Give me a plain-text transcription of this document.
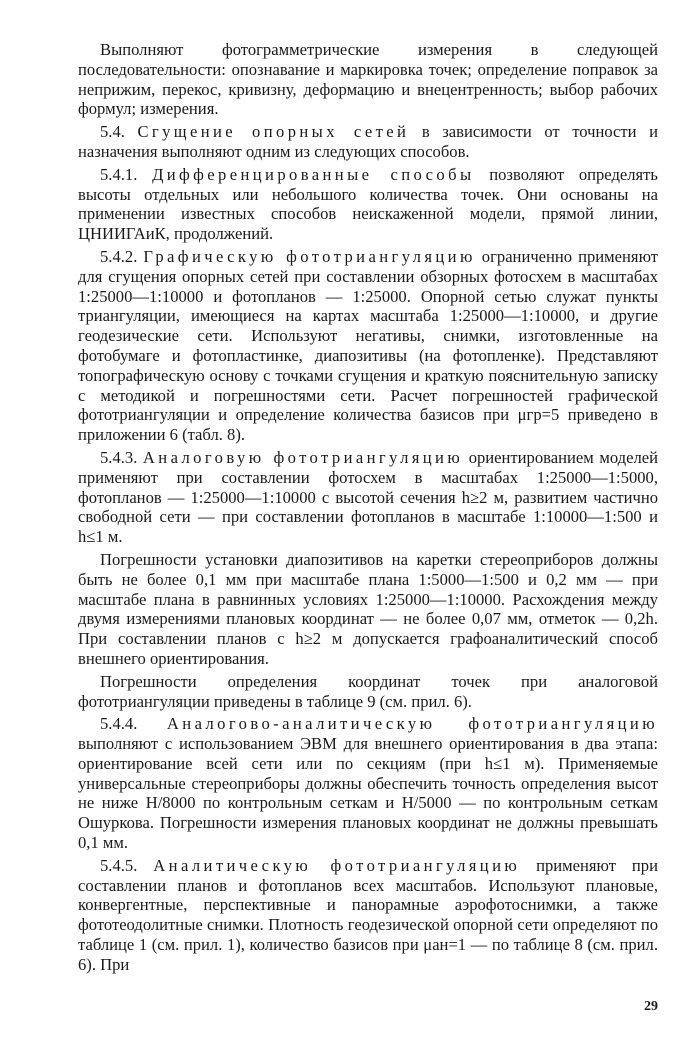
Выполняют фотограмметрические измерения в следующей последовательности: опознавание и маркировка точек; определение поправок за неприжим, перекос, кривизну, деформацию и внецентренность; выбор рабочих формул; измерения.

5.4. Сгущение опорных сетей в зависимости от точности и назначения выполняют одним из следующих способов.

5.4.1. Дифференцированные способы позволяют определять высоты отдельных или небольшого количества точек. Они основаны на применении известных способов неискаженной модели, прямой линии, ЦНИИГАиК, продолжений.

5.4.2. Графическую фототриангуляцию ограниченно применяют для сгущения опорных сетей при составлении обзорных фотосхем в масштабах 1:25000—1:10000 и фотопланов — 1:25000. Опорной сетью служат пункты триангуляции, имеющиеся на картах масштаба 1:25000—1:10000, и другие геодезические сети. Используют негативы, снимки, изготовленные на фотобумаге и фотопластинке, диапозитивы (на фотопленке). Представляют топографическую основу с точками сгущения и краткую пояснительную записку с методикой и погрешностями сети. Расчет погрешностей графической фототриангуляции и определение количества базисов при μгр=5 приведено в приложении 6 (табл. 8).

5.4.3. Аналоговую фототриангуляцию ориентированием моделей применяют при составлении фотосхем в масштабах 1:25000—1:5000, фотопланов — 1:25000—1:10000 с высотой сечения h≥2 м, развитием частично свободной сети — при составлении фотопланов в масштабе 1:10000—1:500 и h≤1 м.

Погрешности установки диапозитивов на каретки стереоприборов должны быть не более 0,1 мм при масштабе плана 1:5000—1:500 и 0,2 мм — при масштабе плана в равнинных условиях 1:25000—1:10000. Расхождения между двумя измерениями плановых координат — не более 0,07 мм, отметок — 0,2h. При составлении планов с h≥2 м допускается графоаналитический способ внешнего ориентирования.

Погрешности определения координат точек при аналоговой фототриангуляции приведены в таблице 9 (см. прил. 6).

5.4.4. Аналогово-аналитическую фототриангуляцию выполняют с использованием ЭВМ для внешнего ориентирования в два этапа: ориентирование всей сети или по секциям (при h≤1 м). Применяемые универсальные стереоприборы должны обеспечить точность определения высот не ниже H/8000 по контрольным сеткам и H/5000 — по контрольным сеткам Ошуркова. Погрешности измерения плановых координат не должны превышать 0,1 мм.

5.4.5. Аналитическую фототриангуляцию применяют при составлении планов и фотопланов всех масштабов. Используют плановые, конвергентные, перспективные и панорамные аэрофотоснимки, а также фототеодолитные снимки. Плотность геодезической опорной сети определяют по таблице 1 (см. прил. 1), количество базисов при μан=1 — по таблице 8 (см. прил. 6). При

29
